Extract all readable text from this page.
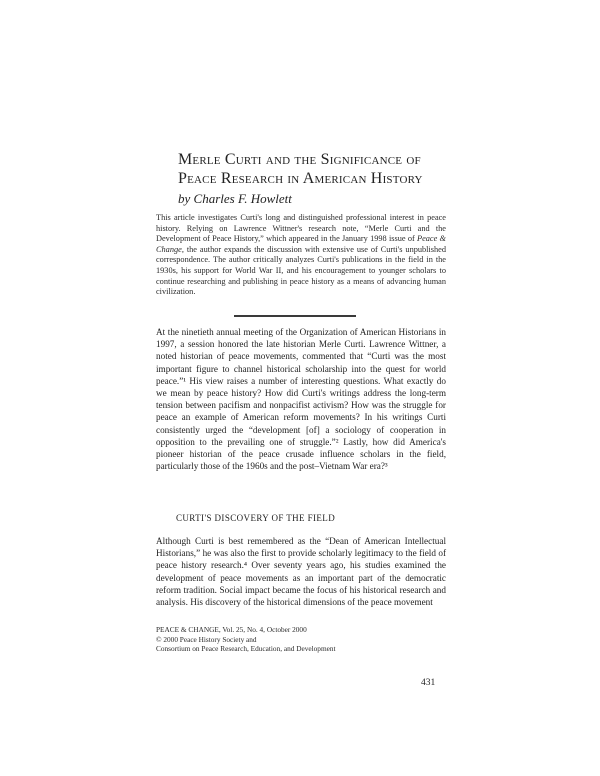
Merle Curti and the Significance of
Peace Research in American History
by Charles F. Howlett
This article investigates Curti's long and distinguished professional interest in peace history. Relying on Lawrence Wittner's research note, “Merle Curti and the Development of Peace History,” which appeared in the January 1998 issue of Peace & Change, the author expands the discussion with extensive use of Curti's unpublished correspondence. The author critically analyzes Curti's publications in the field in the 1930s, his support for World War II, and his encouragement to younger scholars to continue researching and publishing in peace history as a means of advancing human civilization.
At the ninetieth annual meeting of the Organization of American Historians in 1997, a session honored the late historian Merle Curti. Lawrence Wittner, a noted historian of peace movements, commented that “Curti was the most important figure to channel historical scholarship into the quest for world peace.”¹ His view raises a number of interesting questions. What exactly do we mean by peace history? How did Curti's writings address the long-term tension between pacifism and nonpacifist activism? How was the struggle for peace an example of American reform movements? In his writings Curti consistently urged the “development [of] a sociology of cooperation in opposition to the prevailing one of struggle.”² Lastly, how did America's pioneer historian of the peace crusade influence scholars in the field, particularly those of the 1960s and the post–Vietnam War era?³
CURTI'S DISCOVERY OF THE FIELD
Although Curti is best remembered as the “Dean of American Intellectual Historians,” he was also the first to provide scholarly legitimacy to the field of peace history research.⁴ Over seventy years ago, his studies examined the development of peace movements as an important part of the democratic reform tradition. Social impact became the focus of his historical research and analysis. His discovery of the historical dimensions of the peace movement
PEACE & CHANGE, Vol. 25, No. 4, October 2000
© 2000 Peace History Society and
Consortium on Peace Research, Education, and Development
431
